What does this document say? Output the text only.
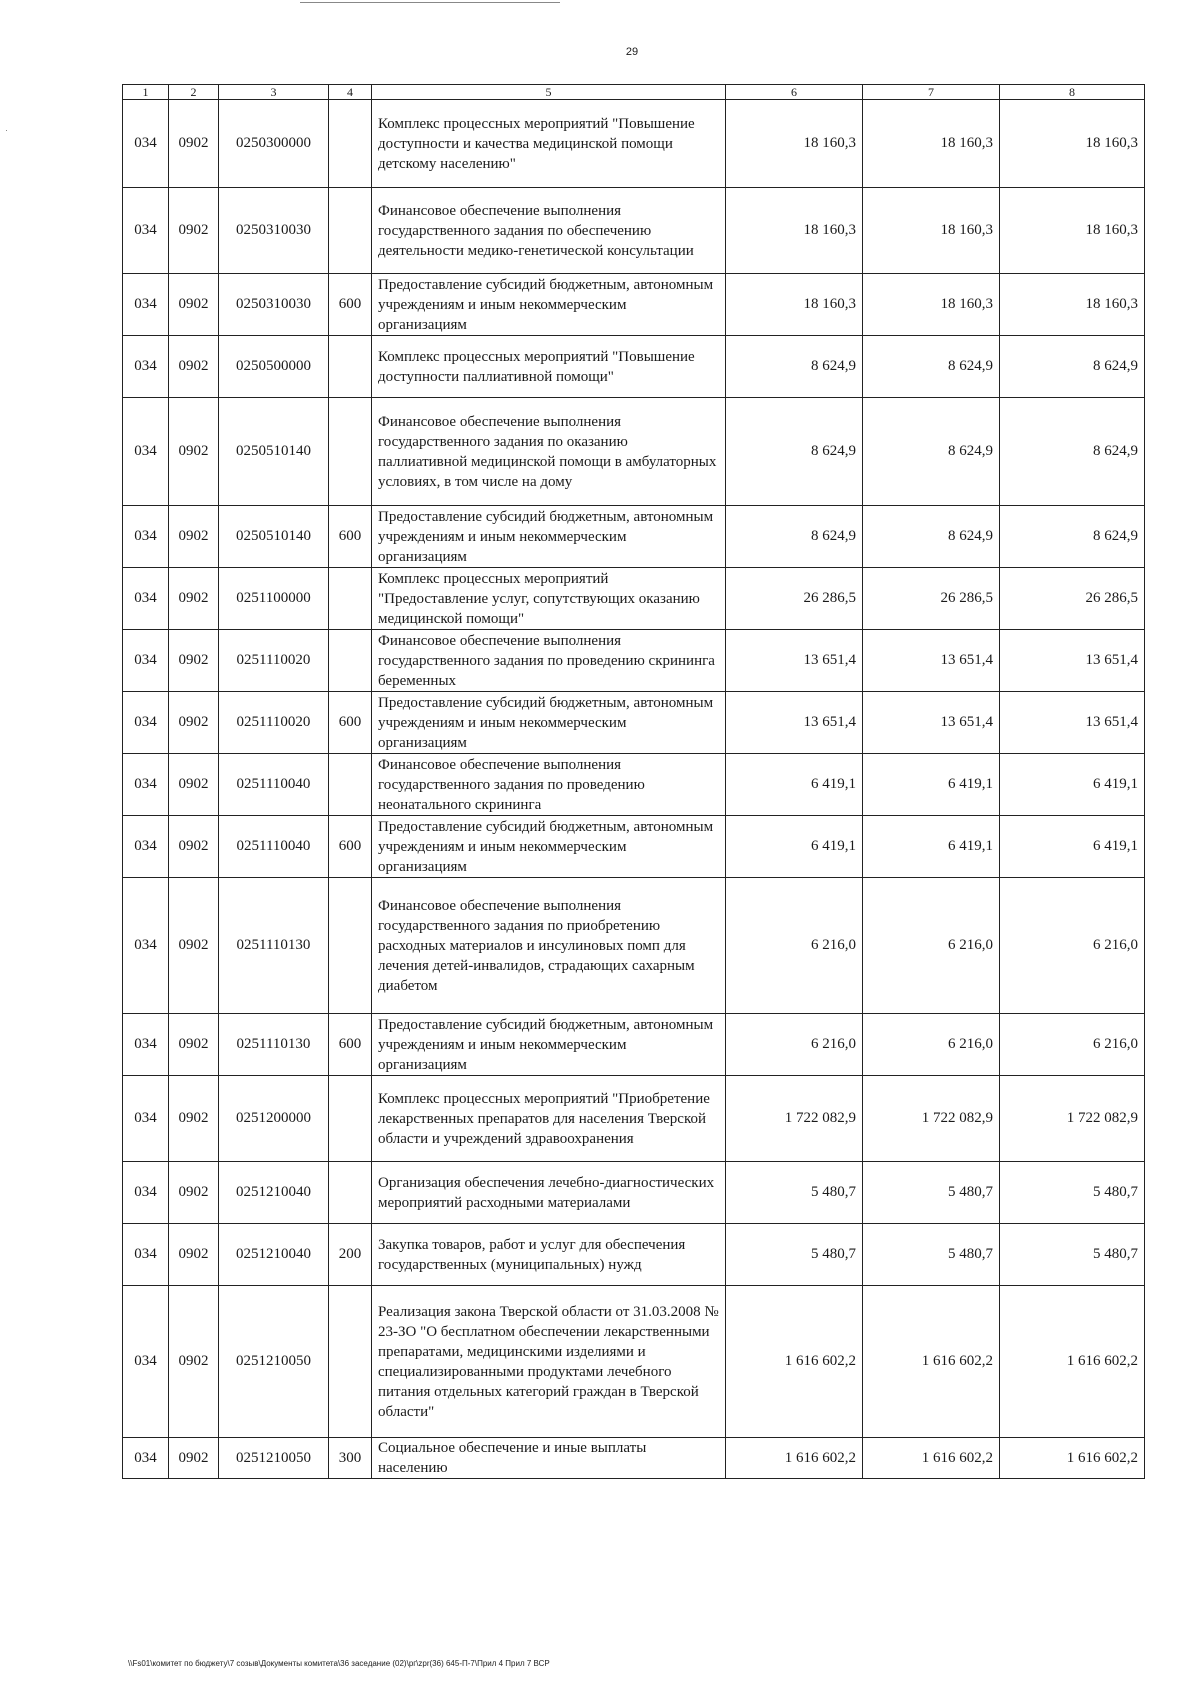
29
1	2	3	4	5	6	7	8
034	0902	0250300000		Комплекс процессных мероприятий "Повышение доступности и качества медицинской помощи детскому населению"	18 160,3	18 160,3	18 160,3
034	0902	0250310030		Финансовое обеспечение выполнения государственного задания по обеспечению деятельности медико-генетической консультации	18 160,3	18 160,3	18 160,3
034	0902	0250310030	600	Предоставление субсидий бюджетным, автономным учреждениям и иным некоммерческим организациям	18 160,3	18 160,3	18 160,3
034	0902	0250500000		Комплекс процессных мероприятий "Повышение доступности паллиативной помощи"	8 624,9	8 624,9	8 624,9
034	0902	0250510140		Финансовое обеспечение выполнения государственного задания по оказанию паллиативной медицинской помощи в амбулаторных условиях, в том числе на дому	8 624,9	8 624,9	8 624,9
034	0902	0250510140	600	Предоставление субсидий бюджетным, автономным учреждениям и иным некоммерческим организациям	8 624,9	8 624,9	8 624,9
034	0902	0251100000		Комплекс процессных мероприятий "Предоставление услуг, сопутствующих оказанию медицинской помощи"	26 286,5	26 286,5	26 286,5
034	0902	0251110020		Финансовое обеспечение выполнения государственного задания по проведению скрининга беременных	13 651,4	13 651,4	13 651,4
034	0902	0251110020	600	Предоставление субсидий бюджетным, автономным учреждениям и иным некоммерческим организациям	13 651,4	13 651,4	13 651,4
034	0902	0251110040		Финансовое обеспечение выполнения государственного задания по проведению неонатального скрининга	6 419,1	6 419,1	6 419,1
034	0902	0251110040	600	Предоставление субсидий бюджетным, автономным учреждениям и иным некоммерческим организациям	6 419,1	6 419,1	6 419,1
034	0902	0251110130		Финансовое обеспечение выполнения государственного задания по приобретению расходных материалов и инсулиновых помп для лечения детей-инвалидов, страдающих сахарным диабетом	6 216,0	6 216,0	6 216,0
034	0902	0251110130	600	Предоставление субсидий бюджетным, автономным учреждениям и иным некоммерческим организациям	6 216,0	6 216,0	6 216,0
034	0902	0251200000		Комплекс процессных мероприятий "Приобретение лекарственных препаратов для населения Тверской области и учреждений здравоохранения	1 722 082,9	1 722 082,9	1 722 082,9
034	0902	0251210040		Организация обеспечения лечебно-диагностических мероприятий расходными материалами	5 480,7	5 480,7	5 480,7
034	0902	0251210040	200	Закупка товаров, работ и услуг для обеспечения государственных (муниципальных) нужд	5 480,7	5 480,7	5 480,7
034	0902	0251210050		Реализация закона Тверской области от 31.03.2008 № 23-ЗО "О бесплатном обеспечении лекарственными препаратами, медицинскими изделиями и специализированными продуктами лечебного питания отдельных категорий граждан в Тверской области"	1 616 602,2	1 616 602,2	1 616 602,2
034	0902	0251210050	300	Социальное обеспечение и иные выплаты населению	1 616 602,2	1 616 602,2	1 616 602,2
\\Fs01\комитет по бюджету\7 созыв\Документы комитета\36 заседание (02)\рг\zpr(36) 645-П-7\Прил 4 Прил 7 ВСР
